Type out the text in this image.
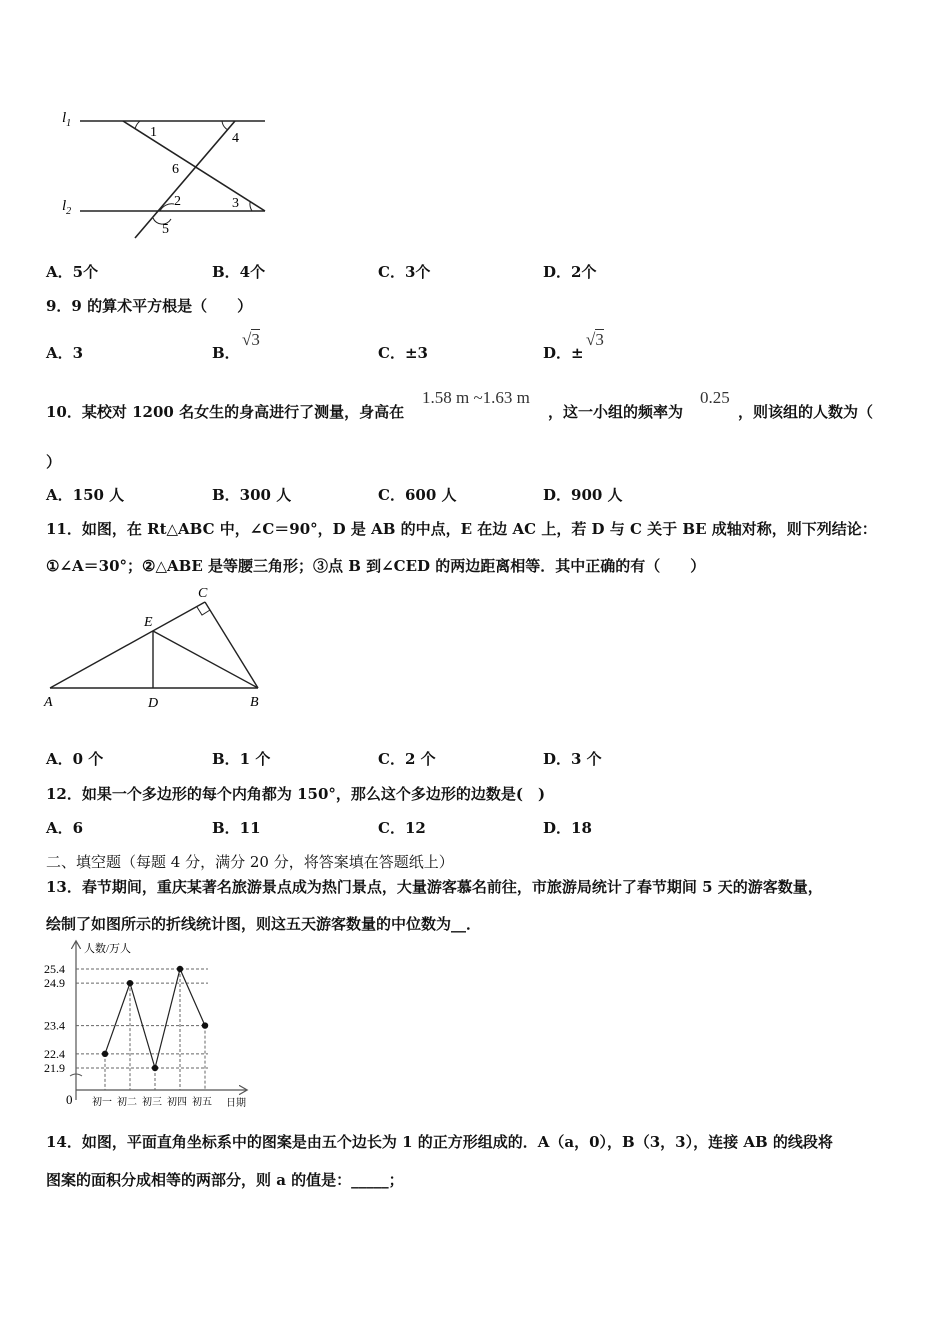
$l_1$
$l_2$
1
2	3
4
5
6
A．5个	B．4个	C．3个	D．2个
9．9 的算术平方根是（　　）
A．3	B．
√3
C．±3	D．±
√3
10．某校对 1200 名女生的身高进行了测量，身高在
1.58 m ~1.63 m
，这一小组的频率为
0.25
，则该组的人数为（
）
A．150 人	B．300 人	C．600 人	D．900 人
11．如图，在 Rt△ABC 中，∠C＝90°，D 是 AB 的中点，E 在边 AC 上，若 D 与 C 关于 BE 成轴对称，则下列结论：
①∠A＝30°；②△ABE 是等腰三角形；③点 B 到∠CED 的两边距离相等．其中正确的有（　　）
A	B
C
D
E
A．0 个	B．1 个	C．2 个	D．3 个
12．如果一个多边形的每个内角都为 150°，那么这个多边形的边数是(　)
A．6	B．11	C．12	D．18
二、填空题（每题 4 分，满分 20 分，将答案填在答题纸上）
13．春节期间，重庆某著名旅游景点成为热门景点，大量游客慕名前往，市旅游局统计了春节期间 5 天的游客数量，
绘制了如图所示的折线统计图，则这五天游客数量的中位数为__．
人数/万人
日期
0
21.9
22.4
23.4
24.9
25.4
初一 初二 初三 初四 初五
14．如图，平面直角坐标系中的图案是由五个边长为 1 的正方形组成的．A（a，0），B（3，3），连接 AB 的线段将
图案的面积分成相等的两部分，则 a 的值是：_____；
